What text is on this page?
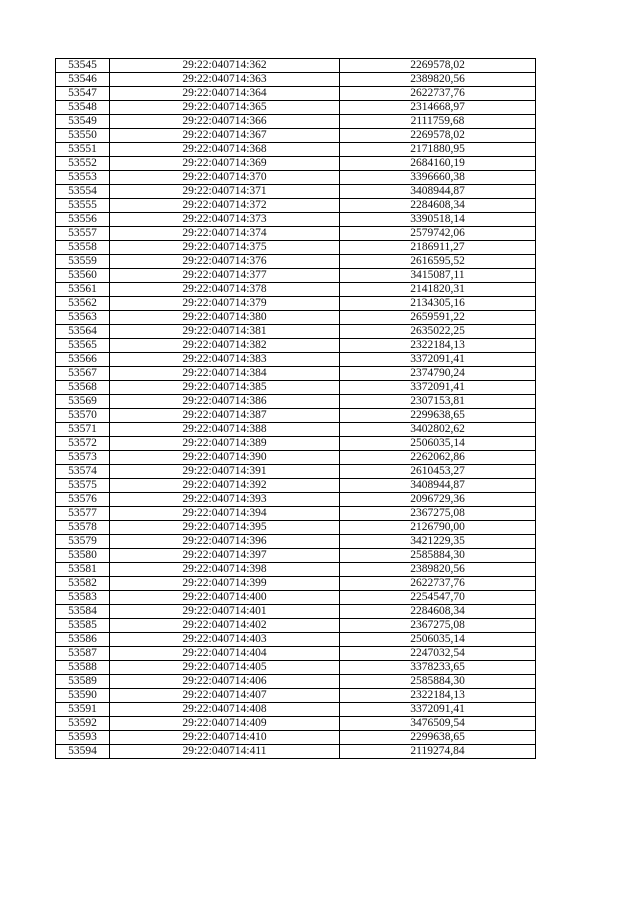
53545	29:22:040714:362	2269578,02
53546	29:22:040714:363	2389820,56
53547	29:22:040714:364	2622737,76
53548	29:22:040714:365	2314668,97
53549	29:22:040714:366	2111759,68
53550	29:22:040714:367	2269578,02
53551	29:22:040714:368	2171880,95
53552	29:22:040714:369	2684160,19
53553	29:22:040714:370	3396660,38
53554	29:22:040714:371	3408944,87
53555	29:22:040714:372	2284608,34
53556	29:22:040714:373	3390518,14
53557	29:22:040714:374	2579742,06
53558	29:22:040714:375	2186911,27
53559	29:22:040714:376	2616595,52
53560	29:22:040714:377	3415087,11
53561	29:22:040714:378	2141820,31
53562	29:22:040714:379	2134305,16
53563	29:22:040714:380	2659591,22
53564	29:22:040714:381	2635022,25
53565	29:22:040714:382	2322184,13
53566	29:22:040714:383	3372091,41
53567	29:22:040714:384	2374790,24
53568	29:22:040714:385	3372091,41
53569	29:22:040714:386	2307153,81
53570	29:22:040714:387	2299638,65
53571	29:22:040714:388	3402802,62
53572	29:22:040714:389	2506035,14
53573	29:22:040714:390	2262062,86
53574	29:22:040714:391	2610453,27
53575	29:22:040714:392	3408944,87
53576	29:22:040714:393	2096729,36
53577	29:22:040714:394	2367275,08
53578	29:22:040714:395	2126790,00
53579	29:22:040714:396	3421229,35
53580	29:22:040714:397	2585884,30
53581	29:22:040714:398	2389820,56
53582	29:22:040714:399	2622737,76
53583	29:22:040714:400	2254547,70
53584	29:22:040714:401	2284608,34
53585	29:22:040714:402	2367275,08
53586	29:22:040714:403	2506035,14
53587	29:22:040714:404	2247032,54
53588	29:22:040714:405	3378233,65
53589	29:22:040714:406	2585884,30
53590	29:22:040714:407	2322184,13
53591	29:22:040714:408	3372091,41
53592	29:22:040714:409	3476509,54
53593	29:22:040714:410	2299638,65
53594	29:22:040714:411	2119274,84
